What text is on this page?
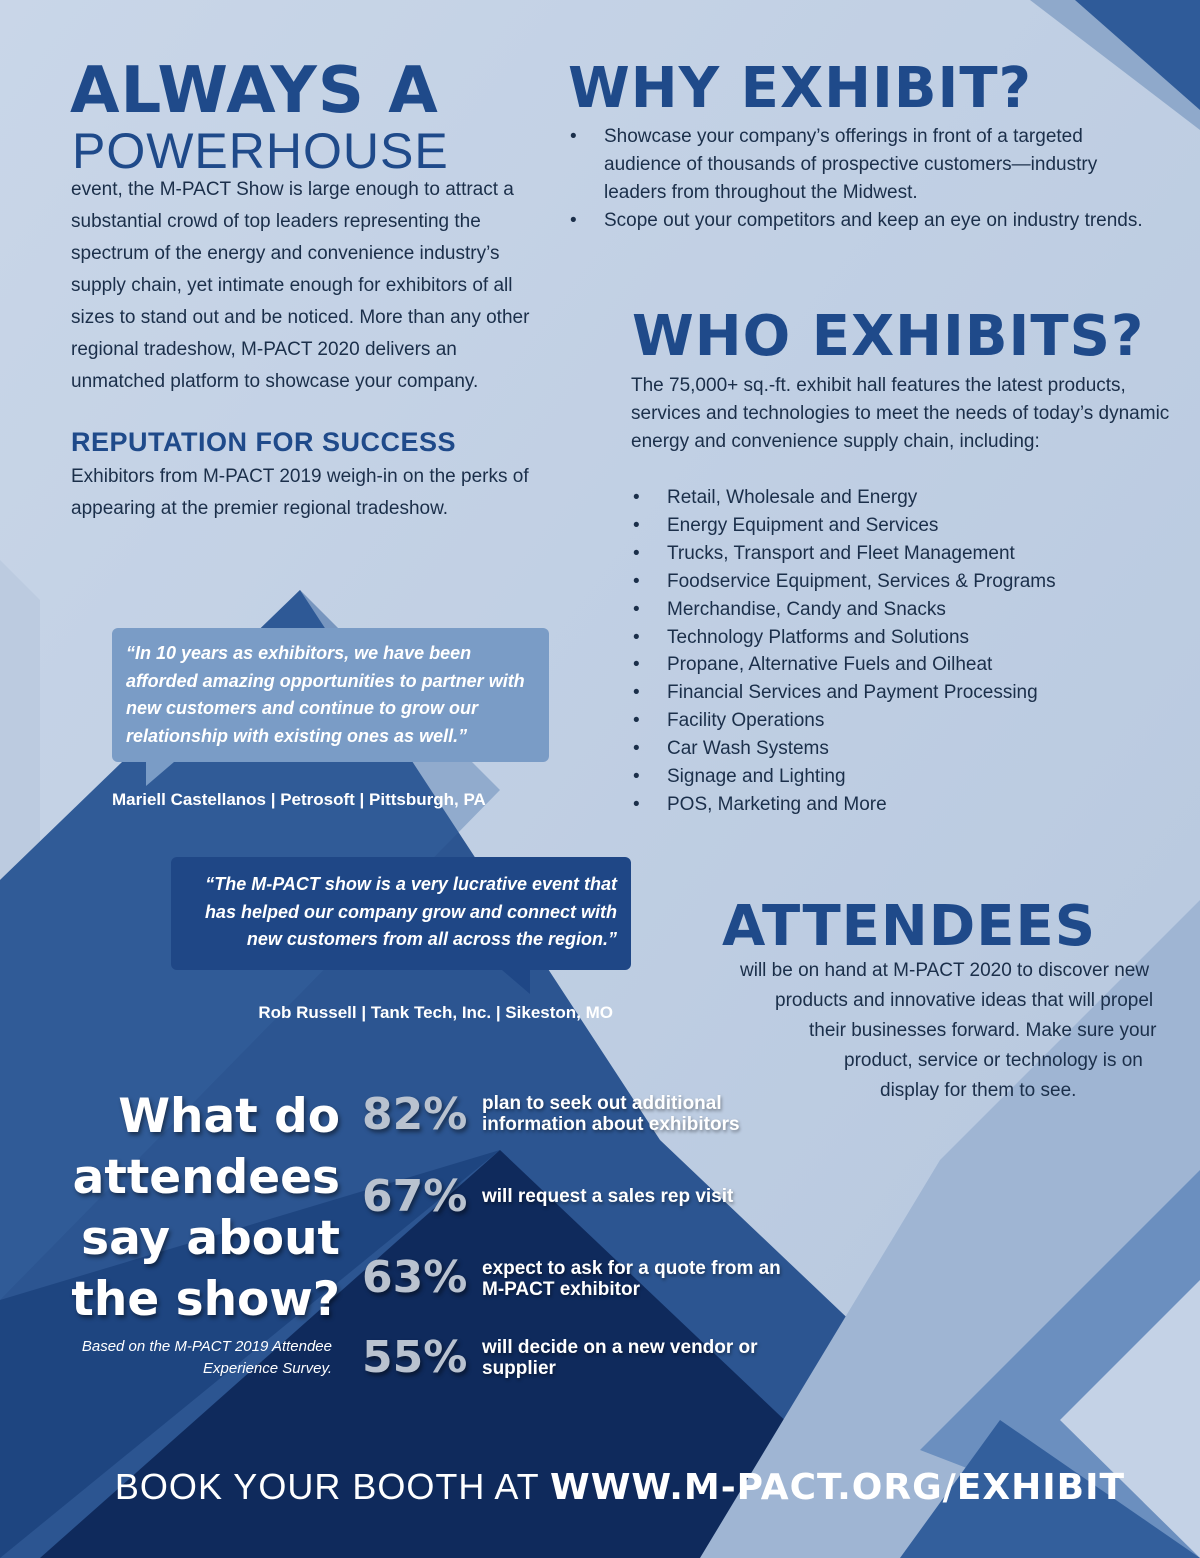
ALWAYS A
POWERHOUSE
event, the M-PACT Show is large enough to attract a substantial crowd of top leaders representing the spectrum of the energy and convenience industry’s supply chain, yet intimate enough for exhibitors of all sizes to stand out and be noticed. More than any other regional tradeshow, M-PACT 2020 delivers an unmatched platform to showcase your company.
REPUTATION FOR SUCCESS
Exhibitors from M-PACT 2019 weigh-in on the perks of appearing at the premier regional tradeshow.
WHY EXHIBIT?
• Showcase your company’s offerings in front of a targeted audience of thousands of prospective customers—industry leaders from throughout the Midwest.
• Scope out your competitors and keep an eye on industry trends.
WHO EXHIBITS?
The 75,000+ sq.-ft. exhibit hall features the latest products, services and technologies to meet the needs of today’s dynamic energy and convenience supply chain, including:
• Retail, Wholesale and Energy
• Energy Equipment and Services
• Trucks, Transport and Fleet Management
• Foodservice Equipment, Services & Programs
• Merchandise, Candy and Snacks
• Technology Platforms and Solutions
• Propane, Alternative Fuels and Oilheat
• Financial Services and Payment Processing
• Facility Operations
• Car Wash Systems
• Signage and Lighting
• POS, Marketing and More
“In 10 years as exhibitors, we have been afforded amazing opportunities to partner with new customers and continue to grow our relationship with existing ones as well.”
Mariell Castellanos | Petrosoft | Pittsburgh, PA
“The M-PACT show is a very lucrative event that has helped our company grow and connect with new customers from all across the region.”
Rob Russell | Tank Tech, Inc. | Sikeston, MO
ATTENDEES
will be on hand at M-PACT 2020 to discover new
products and innovative ideas that will propel
their businesses forward. Make sure your
product, service or technology is on
display for them to see.
What do attendees say about the show?
Based on the M-PACT 2019 Attendee Experience Survey.
82% plan to seek out additional information about exhibitors
67% will request a sales rep visit
63% expect to ask for a quote from an M-PACT exhibitor
55% will decide on a new vendor or supplier
BOOK YOUR BOOTH AT WWW.M-PACT.ORG/EXHIBIT
